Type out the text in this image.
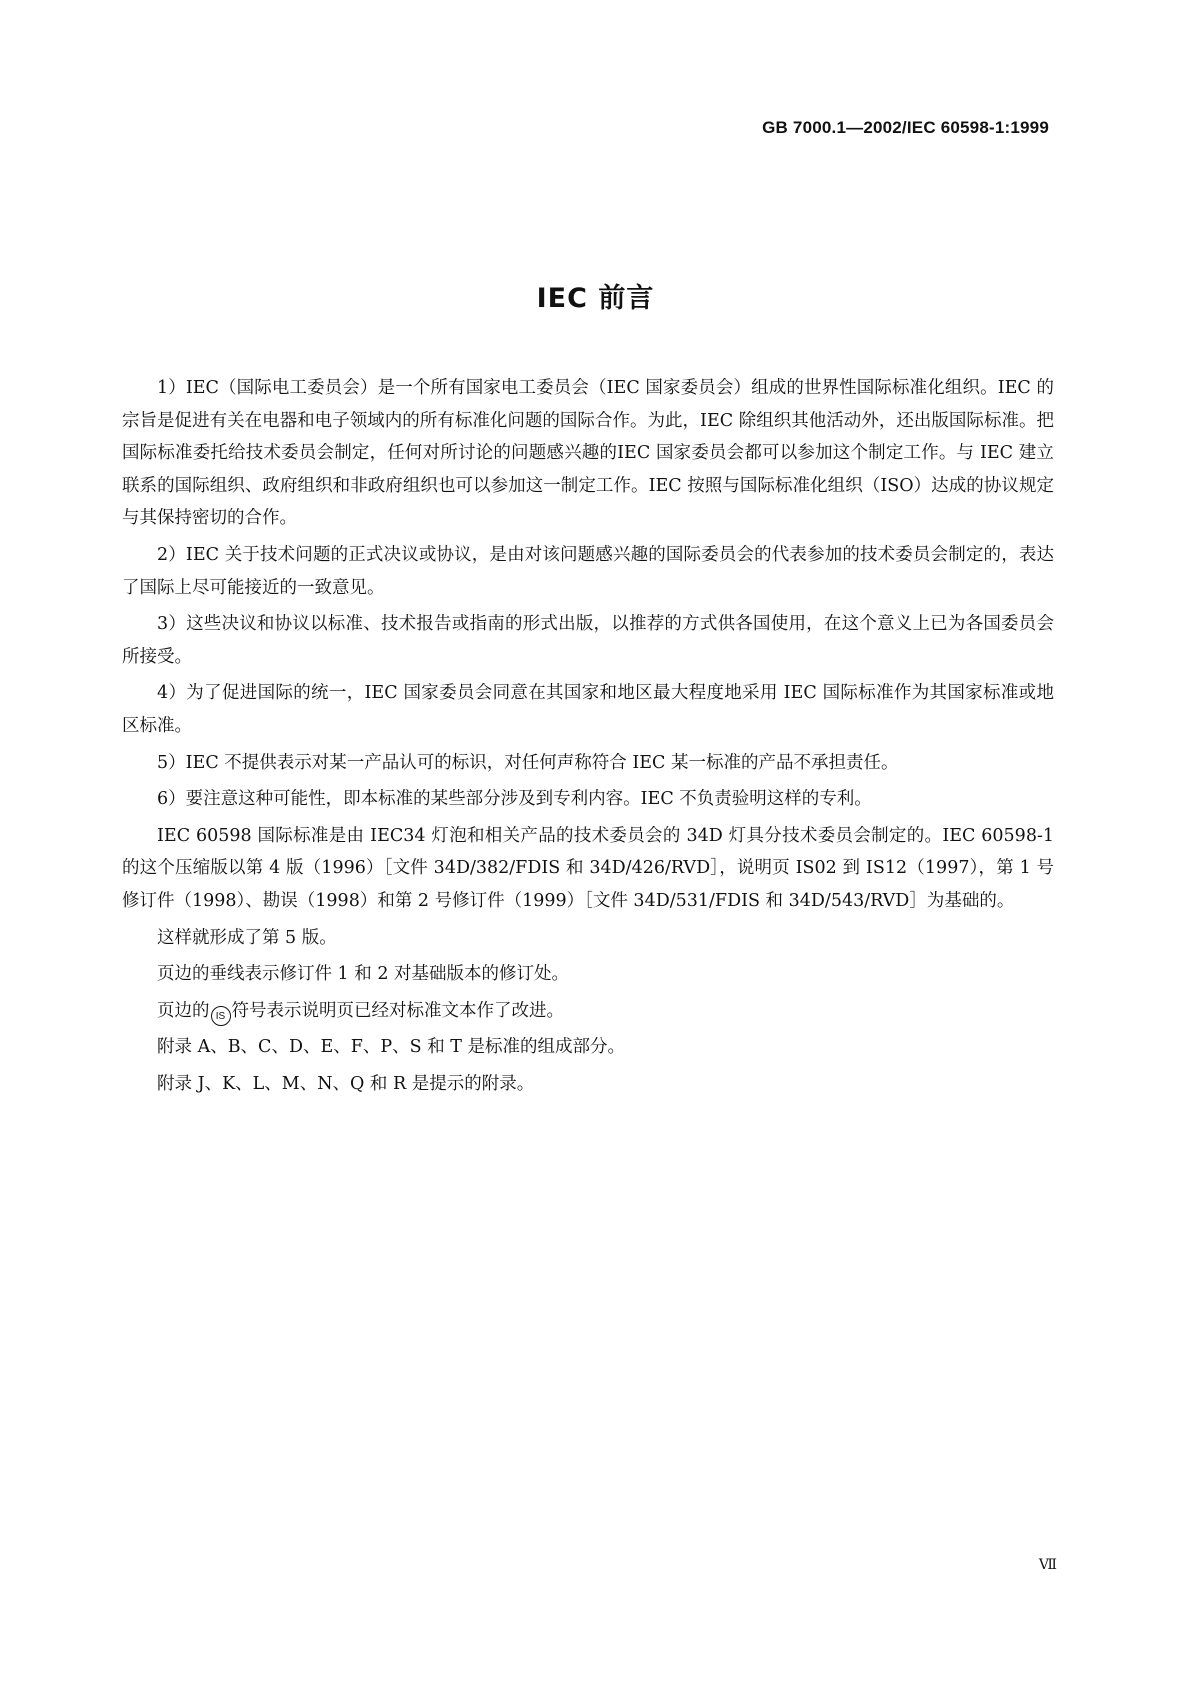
GB 7000.1—2002/IEC 60598-1:1999
IEC 前言

1）IEC（国际电工委员会）是一个所有国家电工委员会（IEC 国家委员会）组成的世界性国际标准化组织。IEC 的宗旨是促进有关在电器和电子领域内的所有标准化问题的国际合作。为此，IEC 除组织其他活动外，还出版国际标准。把国际标准委托给技术委员会制定，任何对所讨论的问题感兴趣的IEC 国家委员会都可以参加这个制定工作。与 IEC 建立联系的国际组织、政府组织和非政府组织也可以参加这一制定工作。IEC 按照与国际标准化组织（ISO）达成的协议规定与其保持密切的合作。

2）IEC 关于技术问题的正式决议或协议，是由对该问题感兴趣的国际委员会的代表参加的技术委员会制定的，表达了国际上尽可能接近的一致意见。

3）这些决议和协议以标准、技术报告或指南的形式出版，以推荐的方式供各国使用，在这个意义上已为各国委员会所接受。

4）为了促进国际的统一，IEC 国家委员会同意在其国家和地区最大程度地采用 IEC 国际标准作为其国家标准或地区标准。

5）IEC 不提供表示对某一产品认可的标识，对任何声称符合 IEC 某一标准的产品不承担责任。

6）要注意这种可能性，即本标准的某些部分涉及到专利内容。IEC 不负责验明这样的专利。

IEC 60598 国际标准是由 IEC34 灯泡和相关产品的技术委员会的 34D 灯具分技术委员会制定的。IEC 60598-1 的这个压缩版以第 4 版（1996）［文件 34D/382/FDIS 和 34D/426/RVD］，说明页 IS02 到 IS12（1997），第 1 号修订件（1998）、勘误（1998）和第 2 号修订件（1999）［文件 34D/531/FDIS 和 34D/543/RVD］为基础的。

这样就形成了第 5 版。

页边的垂线表示修订件 1 和 2 对基础版本的修订处。

页边的 IS 符号表示说明页已经对标准文本作了改进。

附录 A、B、C、D、E、F、P、S 和 T 是标准的组成部分。

附录 J、K、L、M、N、Q 和 R 是提示的附录。

Ⅶ
